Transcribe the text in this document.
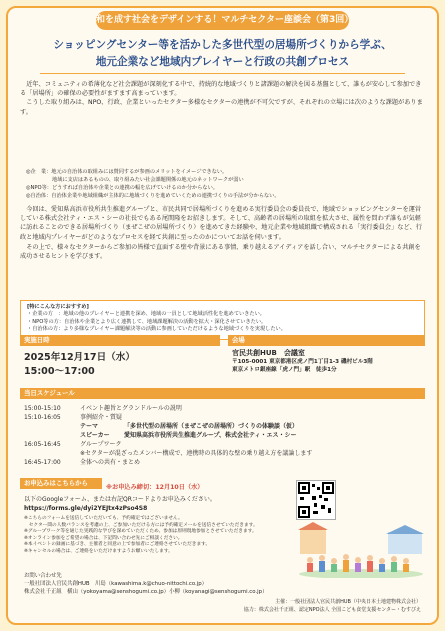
和を成す社会をデザインする！マルチセクター座談会（第3回）
ショッピングセンター等を活かした多世代型の居場所づくりから学ぶ、
地元企業など地域内プレイヤーと行政の共創プロセス

近年、コミュニティの希薄化など社会課題が深刻化する中で、持続的な地域づくりと諸課題の解決を図る基盤として、誰もが安心して参加できる「居場所」の確保の必要性がますます高まっています。

こうした取り組みは、NPO、行政、企業といったセクター多様なセクターの連携が不可欠ですが、それぞれの立場には次のような課題があります。

◎企　業：地元の自治体の取組みには賛同するが参画のメリットをイメージできない。
　　　　　地域に支店はあるものの、取り組みたい社会課題関係の地元のネットワークが弱い
◎NPO等：どうすれば自治体や企業との連携の幅を広げていけるのか分からない。
◎自治体：自治体企業や地域組織が主体的に地域づくりを進めていくための連携づくりの手法が分からない。

今回は、愛知県高浜市役所共生推進グループと、市民共同で居場所づくりを進める実行委員会の委員長で、地域でショッピングセンターを運営している株式会社ティ・エス・シーの社長でもある尾関隆をお招きします。そして、高齢者の居場所の取組を拡大させ、属性を問わず誰もが気軽に訪れることのできる居場所づくり（まぜこぜの居場所づくり）を進めてきた経験や、地元企業や地域組織で構成される「実行委員会」など、行政と地域内プレイヤーがどのようなプロセスを経て共創に至ったのかについてお話を伺います。

その上で、様々なセクターからご参加の皆様で直面する壁や背景にある事情、乗り越えるアイディアを話し合い、マルチセクターによる共創を成功させるヒントを学びます。

[特にこんな方におすすめ]
・企業の方　：地域の他のプレイヤーと連携を深め、地域の一員として地域活性化を進めていきたい。
・NPO等の方：自治体や企業とより広く連携して、地域課題解決の活動を拡大・深化させていきたい。
・自治体の方：より多様なプレイヤー課題解決等の活動に参画していただけるような地域づくりを実現したい。
実施日時
2025年12月17日（水）
15:00～17:00
会場
官民共創HUB　会議室
〒105-0001 東京都港区虎ノ門1丁目1-3 磯村ビル3階
東京メトロ銀座線「虎ノ門」駅　徒歩1分
当日スケジュール
15:00-15:10	イベント趣旨とグランドルールの説明
15:10-16:05	事例紹介・質疑
テーマ	「多世代型の居場所（まぜこぜの居場所）づくりの体験談（仮）
スピーカー	愛知県高浜市役所共生推進グループ、株式会社ティ・エス・シー
16:05-16:45	グループワーク
※セクターが混ざったメンバー構成で、連携時の具体的な壁の乗り越え方を議論します
16:45-17:00	全体への共有・まとめ
お申込みはこちらから
※お申込み締切：12月10日（水）
以下のGoogleフォーム、または右記QRコードよりお申込みください。
https://forms.gle/dyi2YEJtx4zPso4S8
※こちらのフォームを送信していただいても、予約確定ではございません。
　セクター間の人数バランスを考慮の上、ご参加いただける方には予約確定メールを送信させていただきます。
※グループワーク等を通じた実践的な学びを深めていただくため、参加は原則現地参加とさせていただきます。
※オンライン参加をご希望の場合は、下記問い合わせ先にご相談ください。
※本イベントの録画に基づき、主催者と同意の上で参加者にご連絡させていただきます。
※キャンセルの場合は、ご連絡をいただけますようお願いいたします。
お問い合わせ先
一般社団法人官民共創HUB　川島（kawashima.k@chuo-nittochi.co.jp）
株式会社千正組　横山（yokoyama@senshogumi.co.jp）小柳（koyanagi@senshogumi.co.jp）
主催：一般社団法人官民共創HUB（中央日本土地建物株式会社）
協力：株式会社千正組、認定NPO法人 全国こども食堂支援センター・むすびえ
